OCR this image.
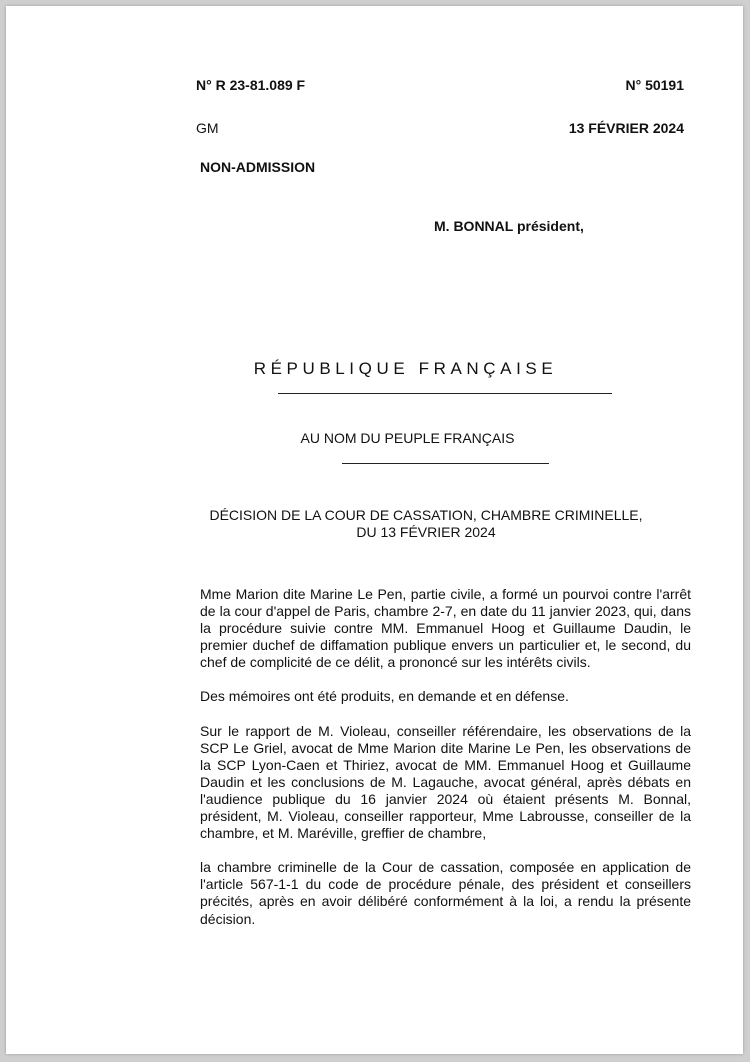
N° R 23-81.089 F	N° 50191
GM	13 FÉVRIER 2024
NON-ADMISSION
M. BONNAL président,
RÉPUBLIQUE FRANÇAISE
AU NOM DU PEUPLE FRANÇAIS
DÉCISION DE LA COUR DE CASSATION, CHAMBRE CRIMINELLE,
DU 13 FÉVRIER 2024

Mme Marion dite Marine Le Pen, partie civile, a formé un pourvoi contre l'arrêt de la cour d'appel de Paris, chambre 2-7, en date du 11 janvier 2023, qui, dans la procédure suivie contre MM. Emmanuel Hoog et Guillaume Daudin, le premier duchef de diffamation publique envers un particulier et, le second, du chef de complicité de ce délit, a prononcé sur les intérêts civils.

Des mémoires ont été produits, en demande et en défense.

Sur le rapport de M. Violeau, conseiller référendaire, les observations de la SCP Le Griel, avocat de Mme Marion dite Marine Le Pen, les observations de la SCP Lyon-Caen et Thiriez, avocat de MM. Emmanuel Hoog et Guillaume Daudin et les conclusions de M. Lagauche, avocat général, après débats en l'audience publique du 16 janvier 2024 où étaient présents M. Bonnal, président, M. Violeau, conseiller rapporteur, Mme Labrousse, conseiller de la chambre, et M. Maréville, greffier de chambre,

la chambre criminelle de la Cour de cassation, composée en application de l'article 567-1-1 du code de procédure pénale, des président et conseillers précités, après en avoir délibéré conformément à la loi, a rendu la présente décision.
